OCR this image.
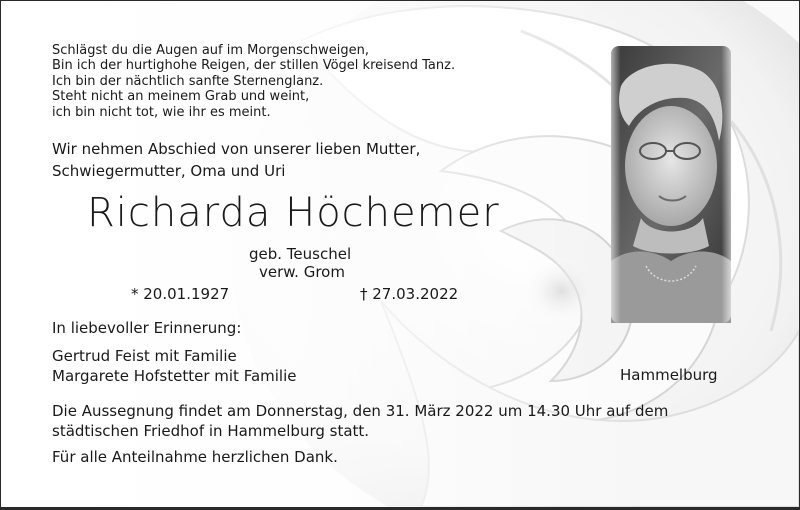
Schlägst du die Augen auf im Morgenschweigen,
Bin ich der hurtighohe Reigen, der stillen Vögel kreisend Tanz.
Ich bin der nächtlich sanfte Sternenglanz.
Steht nicht an meinem Grab und weint,
ich bin nicht tot, wie ihr es meint.
Wir nehmen Abschied von unserer lieben Mutter,
Schwiegermutter, Oma und Uri
Richarda Höchemer
geb. Teuschel
verw. Grom
* 20.01.1927	† 27.03.2022
In liebevoller Erinnerung:
Gertrud Feist mit Familie
Margarete Hofstetter mit Familie	Hammelburg
Die Aussegnung findet am Donnerstag, den 31. März 2022 um 14.30 Uhr auf dem
städtischen Friedhof in Hammelburg statt.
Für alle Anteilnahme herzlichen Dank.
